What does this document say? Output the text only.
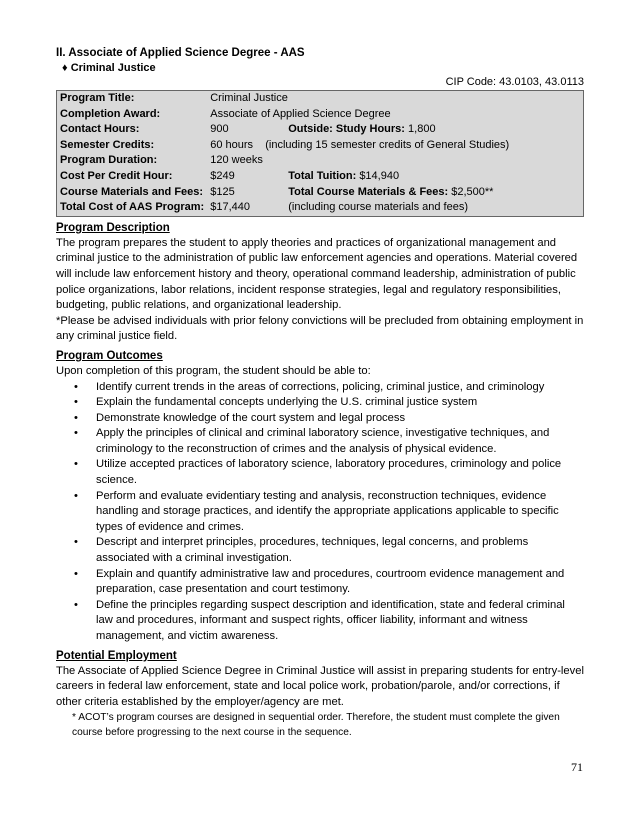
II. Associate of Applied Science Degree - AAS
♦ Criminal Justice
CIP Code: 43.0103, 43.0113
Program Title:	Criminal Justice	
Completion Award:	Associate of Applied Science Degree	
Contact Hours:	900	Outside: Study Hours: 1,800
Semester Credits:	60 hours    (including 15 semester credits of General Studies)	
Program Duration:	120 weeks	
Cost Per Credit Hour:	$249	Total Tuition: $14,940
Course Materials and Fees:	$125	Total Course Materials & Fees: $2,500**
Total Cost of AAS Program:	$17,440	(including course materials and fees)
Program Description

The program prepares the student to apply theories and practices of organizational management and criminal justice to the administration of public law enforcement agencies and operations. Material covered will include law enforcement history and theory, operational command leadership, administration of public police organizations, labor relations, incident response strategies, legal and regulatory responsibilities, budgeting, public relations, and organizational leadership.

*Please be advised individuals with prior felony convictions will be precluded from obtaining employment in any criminal justice field.

Program Outcomes

Upon completion of this program, the student should be able to:

• Identify current trends in the areas of corrections, policing, criminal justice, and criminology
• Explain the fundamental concepts underlying the U.S. criminal justice system
• Demonstrate knowledge of the court system and legal process
• Apply the principles of clinical and criminal laboratory science, investigative techniques, and criminology to the reconstruction of crimes and the analysis of physical evidence.
• Utilize accepted practices of laboratory science, laboratory procedures, criminology and police science.
• Perform and evaluate evidentiary testing and analysis, reconstruction techniques, evidence handling and storage practices, and identify the appropriate applications applicable to specific types of evidence and crimes.
• Descript and interpret principles, procedures, techniques, legal concerns, and problems associated with a criminal investigation.
• Explain and quantify administrative law and procedures, courtroom evidence management and preparation, case presentation and court testimony.
• Define the principles regarding suspect description and identification, state and federal criminal law and procedures, informant and suspect rights, officer liability, informant and witness management, and victim awareness.
Potential Employment

The Associate of Applied Science Degree in Criminal Justice will assist in preparing students for entry-level careers in federal law enforcement, state and local police work, probation/parole, and/or corrections, if other criteria established by the employer/agency are met.

* ACOT’s program courses are designed in sequential order. Therefore, the student must complete the given course before progressing to the next course in the sequence.
71
